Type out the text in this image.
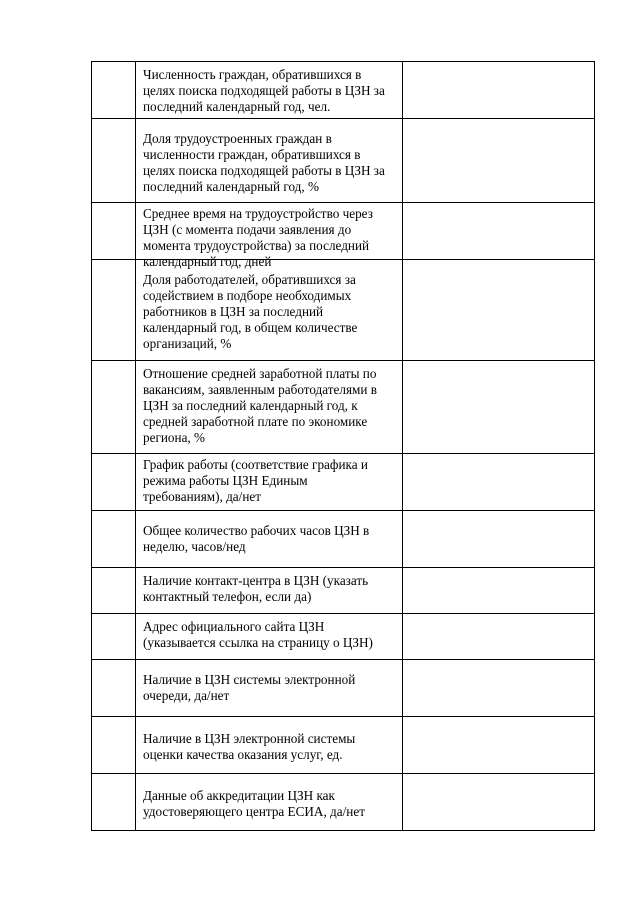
	Численность граждан, обратившихся в
целях поиска подходящей работы в ЦЗН за
последний календарный год, чел.	

	Доля трудоустроенных граждан в
численности граждан, обратившихся в
целях поиска подходящей работы в ЦЗН за
последний календарный год, %	

	Среднее время на трудоустройство через
ЦЗН (с момента подачи заявления до
момента трудоустройства) за последний
календарный год, дней	

	Доля работодателей, обратившихся за
содействием в подборе необходимых
работников в ЦЗН за последний
календарный год, в общем количестве
организаций, %	

	Отношение средней заработной платы по
вакансиям, заявленным работодателями в
ЦЗН за последний календарный год, к
средней заработной плате по экономике
региона, %	

	График работы (соответствие графика и
режима работы ЦЗН Единым
требованиям), да/нет	

	Общее количество рабочих часов ЦЗН в
неделю, часов/нед	

	Наличие контакт-центра в ЦЗН (указать
контактный телефон, если да)	

	Адрес официального сайта ЦЗН
(указывается ссылка на страницу о ЦЗН)	

	Наличие в ЦЗН системы электронной
очереди, да/нет	

	Наличие в ЦЗН электронной системы
оценки качества оказания услуг, ед.	

	Данные об аккредитации ЦЗН как
удостоверяющего центра ЕСИА, да/нет	
